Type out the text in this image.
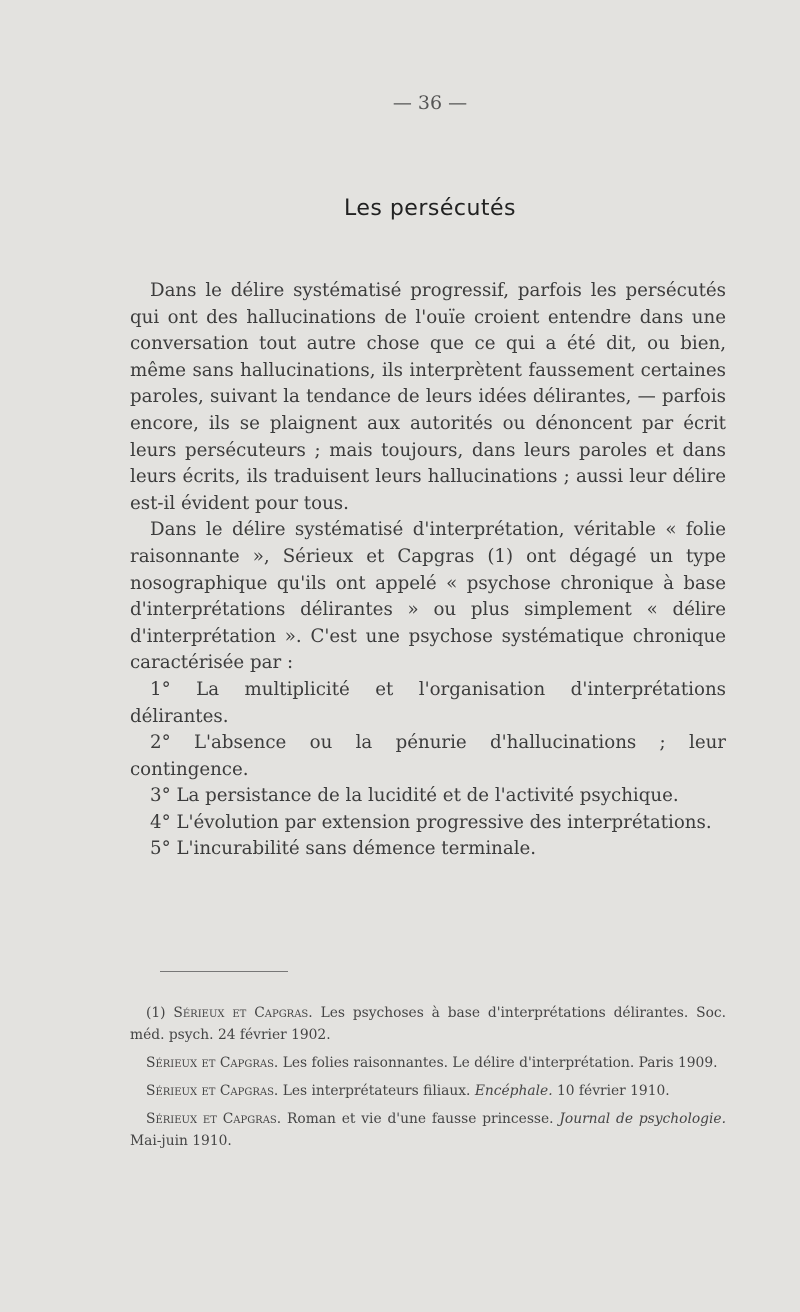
— 36 —
Les persécutés

Dans le délire systématisé progressif, parfois les persécutés qui ont des hallucinations de l'ouïe croient entendre dans une conversation tout autre chose que ce qui a été dit, ou bien, même sans hallucinations, ils interprètent faussement certaines paroles, suivant la tendance de leurs idées délirantes, — parfois encore, ils se plaignent aux autorités ou dénoncent par écrit leurs persécuteurs ; mais toujours, dans leurs paroles et dans leurs écrits, ils traduisent leurs hallucinations ; aussi leur délire est-il évident pour tous.

Dans le délire systématisé d'interprétation, véritable « folie raisonnante », Sérieux et Capgras (1) ont dégagé un type nosographique qu'ils ont appelé « psychose chronique à base d'interprétations délirantes » ou plus simplement « délire d'interprétation ». C'est une psychose systématique chronique caractérisée par :

1° La multiplicité et l'organisation d'interprétations délirantes.

2° L'absence ou la pénurie d'hallucinations ; leur contingence.

3° La persistance de la lucidité et de l'activité psychique.

4° L'évolution par extension progressive des interprétations.

5° L'incurabilité sans démence terminale.

(1) Sérieux et Capgras. Les psychoses à base d'interprétations délirantes. Soc. méd. psych. 24 février 1902.

Sérieux et Capgras. Les folies raisonnantes. Le délire d'interprétation. Paris 1909.

Sérieux et Capgras. Les interprétateurs filiaux. Encéphale. 10 février 1910.

Sérieux et Capgras. Roman et vie d'une fausse princesse. Journal de psychologie. Mai-juin 1910.
